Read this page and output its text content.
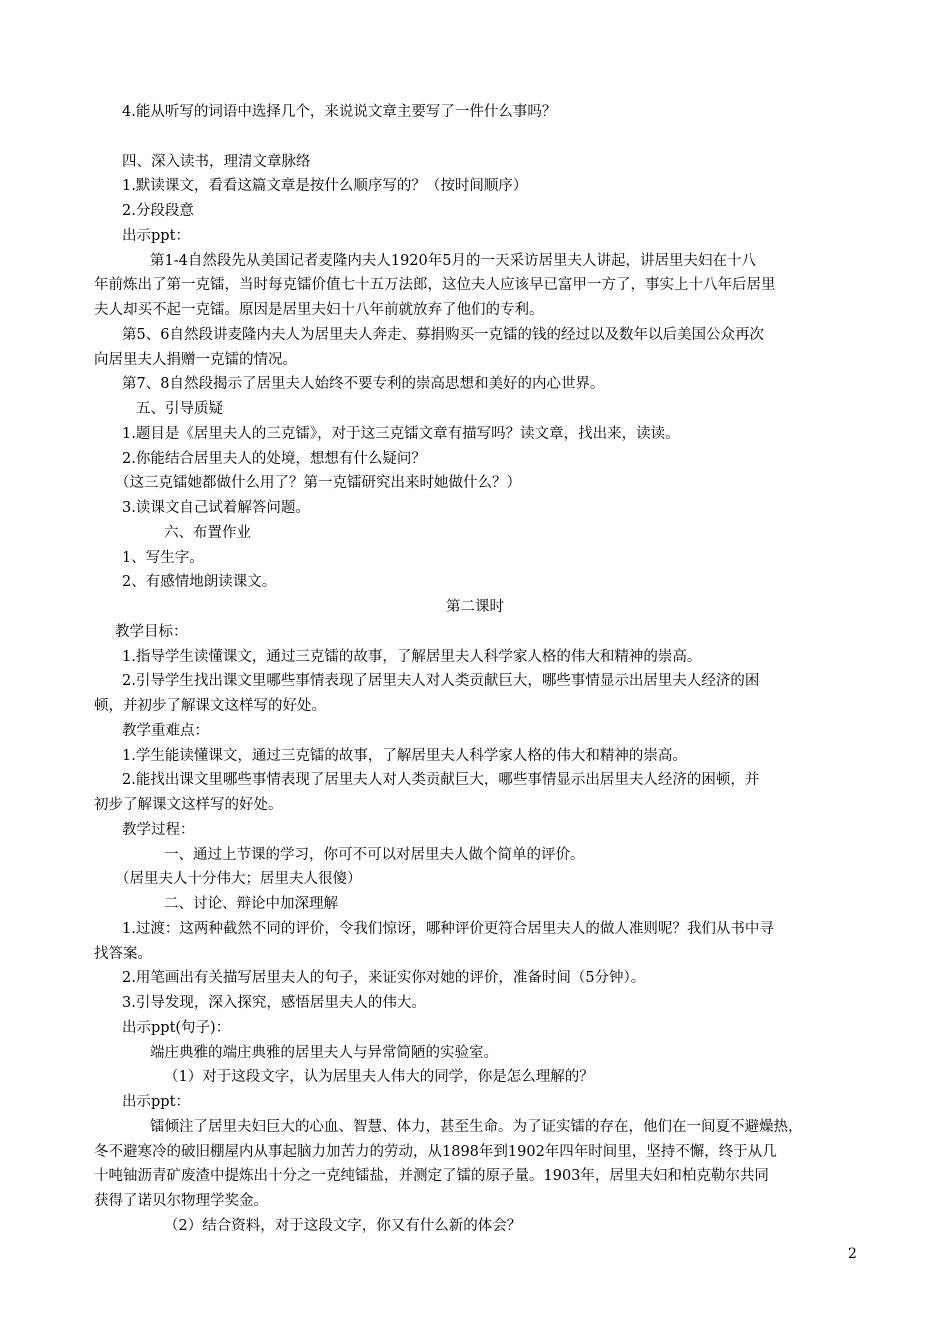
4.能从听写的词语中选择几个，来说说文章主要写了一件什么事吗？
四、深入读书，理清文章脉络
1.默读课文，看看这篇文章是按什么顺序写的？（按时间顺序）
2.分段段意
出示ppt：
第1-4自然段先从美国记者麦隆内夫人1920年5月的一天采访居里夫人讲起，讲居里夫妇在十八
年前炼出了第一克镭，当时每克镭价值七十五万法郎，这位夫人应该早已富甲一方了，事实上十八年后居里
夫人却买不起一克镭。原因是居里夫妇十八年前就放弃了他们的专利。
第5、6自然段讲麦隆内夫人为居里夫人奔走、募捐购买一克镭的钱的经过以及数年以后美国公众再次
向居里夫人捐赠一克镭的情况。
第7、8自然段揭示了居里夫人始终不要专利的崇高思想和美好的内心世界。
五、引导质疑
1.题目是《居里夫人的三克镭》，对于这三克镭文章有描写吗？读文章，找出来，读读。
2.你能结合居里夫人的处境，想想有什么疑问？
（这三克镭她都做什么用了？第一克镭研究出来时她做什么？）
3.读课文自己试着解答问题。
六、布置作业
1、写生字。
2、有感情地朗读课文。
第二课时
教学目标：
1.指导学生读懂课文，通过三克镭的故事，了解居里夫人科学家人格的伟大和精神的崇高。
2.引导学生找出课文里哪些事情表现了居里夫人对人类贡献巨大，哪些事情显示出居里夫人经济的困
顿，并初步了解课文这样写的好处。
教学重难点：
1.学生能读懂课文，通过三克镭的故事，了解居里夫人科学家人格的伟大和精神的崇高。
2.能找出课文里哪些事情表现了居里夫人对人类贡献巨大，哪些事情显示出居里夫人经济的困顿，并
初步了解课文这样写的好处。
教学过程：
一、通过上节课的学习，你可不可以对居里夫人做个简单的评价。
（居里夫人十分伟大；居里夫人很傻）
二、讨论、辩论中加深理解
1.过渡：这两种截然不同的评价，令我们惊讶，哪种评价更符合居里夫人的做人准则呢？我们从书中寻
找答案。
2.用笔画出有关描写居里夫人的句子，来证实你对她的评价，准备时间（5分钟）。
3.引导发现，深入探究，感悟居里夫人的伟大。
出示ppt(句子)：
端庄典雅的端庄典雅的居里夫人与异常简陋的实验室。
（1）对于这段文字，认为居里夫人伟大的同学，你是怎么理解的？
出示ppt：
镭倾注了居里夫妇巨大的心血、智慧、体力，甚至生命。为了证实镭的存在，他们在一间夏不避燥热，
冬不避寒冷的破旧棚屋内从事起脑力加苦力的劳动，从1898年到1902年四年时间里，坚持不懈，终于从几
十吨铀沥青矿废渣中提炼出十分之一克纯镭盐，并测定了镭的原子量。1903年，居里夫妇和柏克勒尔共同
获得了诺贝尔物理学奖金。
（2）结合资料，对于这段文字，你又有什么新的体会？
2
